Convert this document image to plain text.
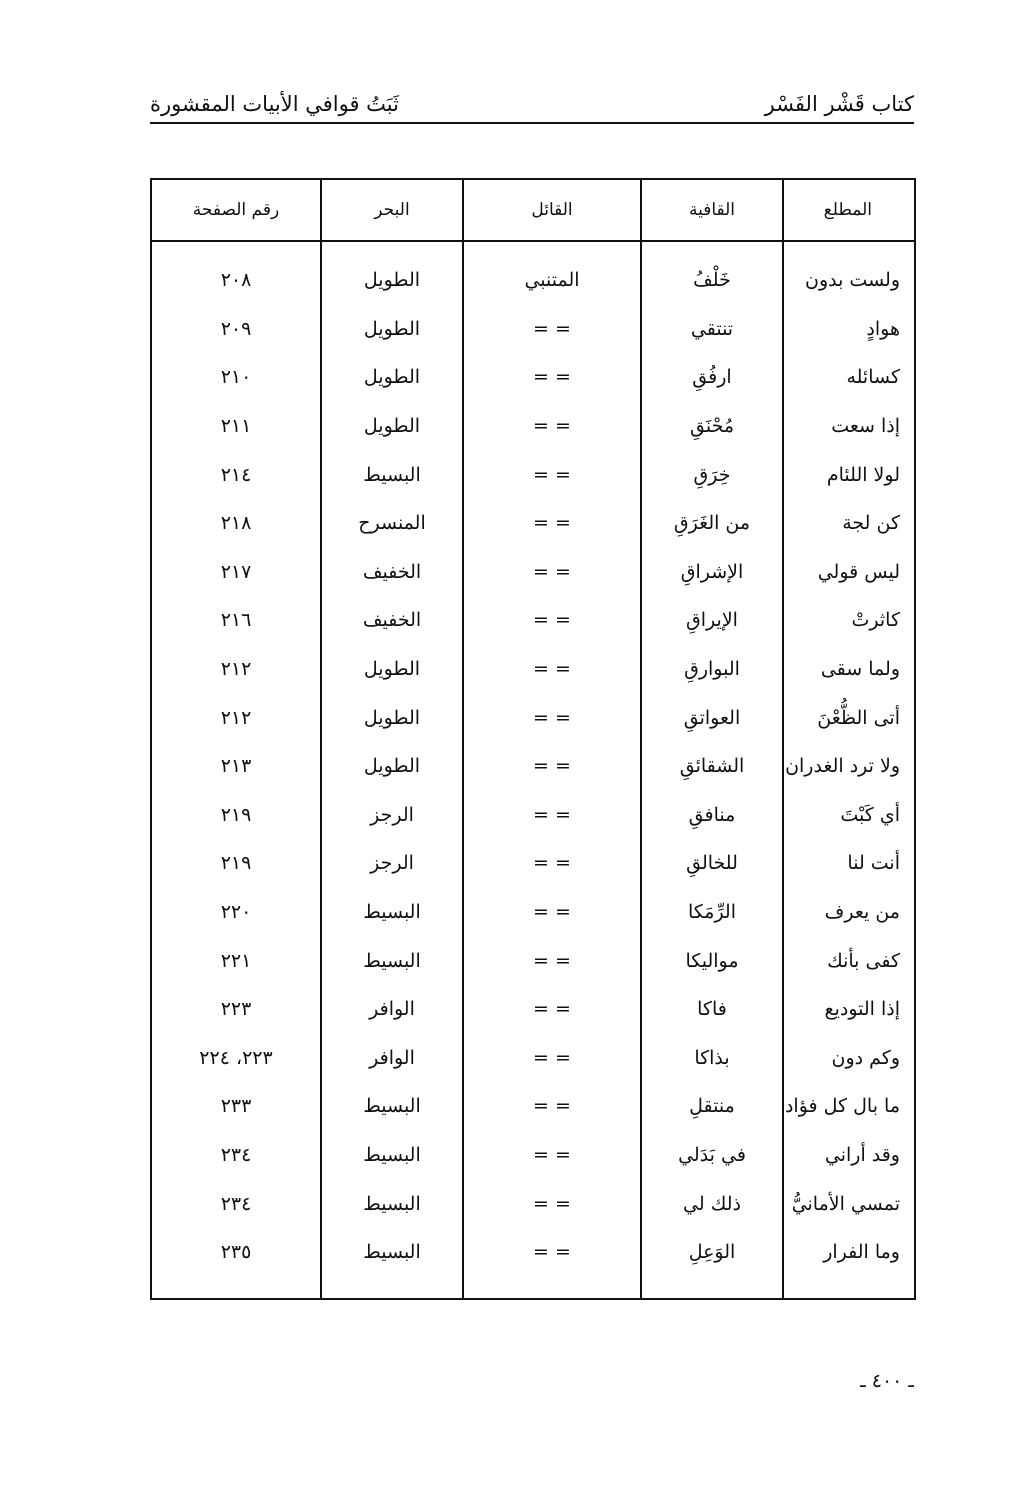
كتاب قَشْر الفَسْر
ثَبَتُ قوافي الأبيات المقشورة
المطلع	القافية	القائل	البحر	رقم الصفحة

ولست بدون	خَلْفُ	المتنبي	الطويل	٢٠٨
هوادٍ	تنتقي	= =	الطويل	٢٠٩
كسائله	ارفُقِ	= =	الطويل	٢١٠
إذا سعت	مُحْنَقِ	= =	الطويل	٢١١
لولا اللئام	خِرَقِ	= =	البسيط	٢١٤
كن لجة	من الغَرَقِ	= =	المنسرح	٢١٨
ليس قولي	الإشراقِ	= =	الخفيف	٢١٧
كاثرتْ	الإيراقِ	= =	الخفيف	٢١٦
ولما سقى	البوارقِ	= =	الطويل	٢١٢
أتى الظُّعْنَ	العواتقِ	= =	الطويل	٢١٢
ولا ترد الغدران	الشقائقِ	= =	الطويل	٢١٣
أي كَبْتَ	منافقِ	= =	الرجز	٢١٩
أنت لنا	للخالقِ	= =	الرجز	٢١٩
من يعرف	الرِّمَكا	= =	البسيط	٢٢٠
كفى بأنك	مواليكا	= =	البسيط	٢٢١
إذا التوديع	فاكا	= =	الوافر	٢٢٣
وكم دون	بذاكا	= =	الوافر	٢٢٣، ٢٢٤
ما بال كل فؤاد	منتقلِ	= =	البسيط	٢٣٣
وقد أراني	في بَدَلي	= =	البسيط	٢٣٤
تمسي الأمانيُّ	ذلك لي	= =	البسيط	٢٣٤
وما الفرار	الوَعِلِ	= =	البسيط	٢٣٥

ـ ٤٠٠ ـ
